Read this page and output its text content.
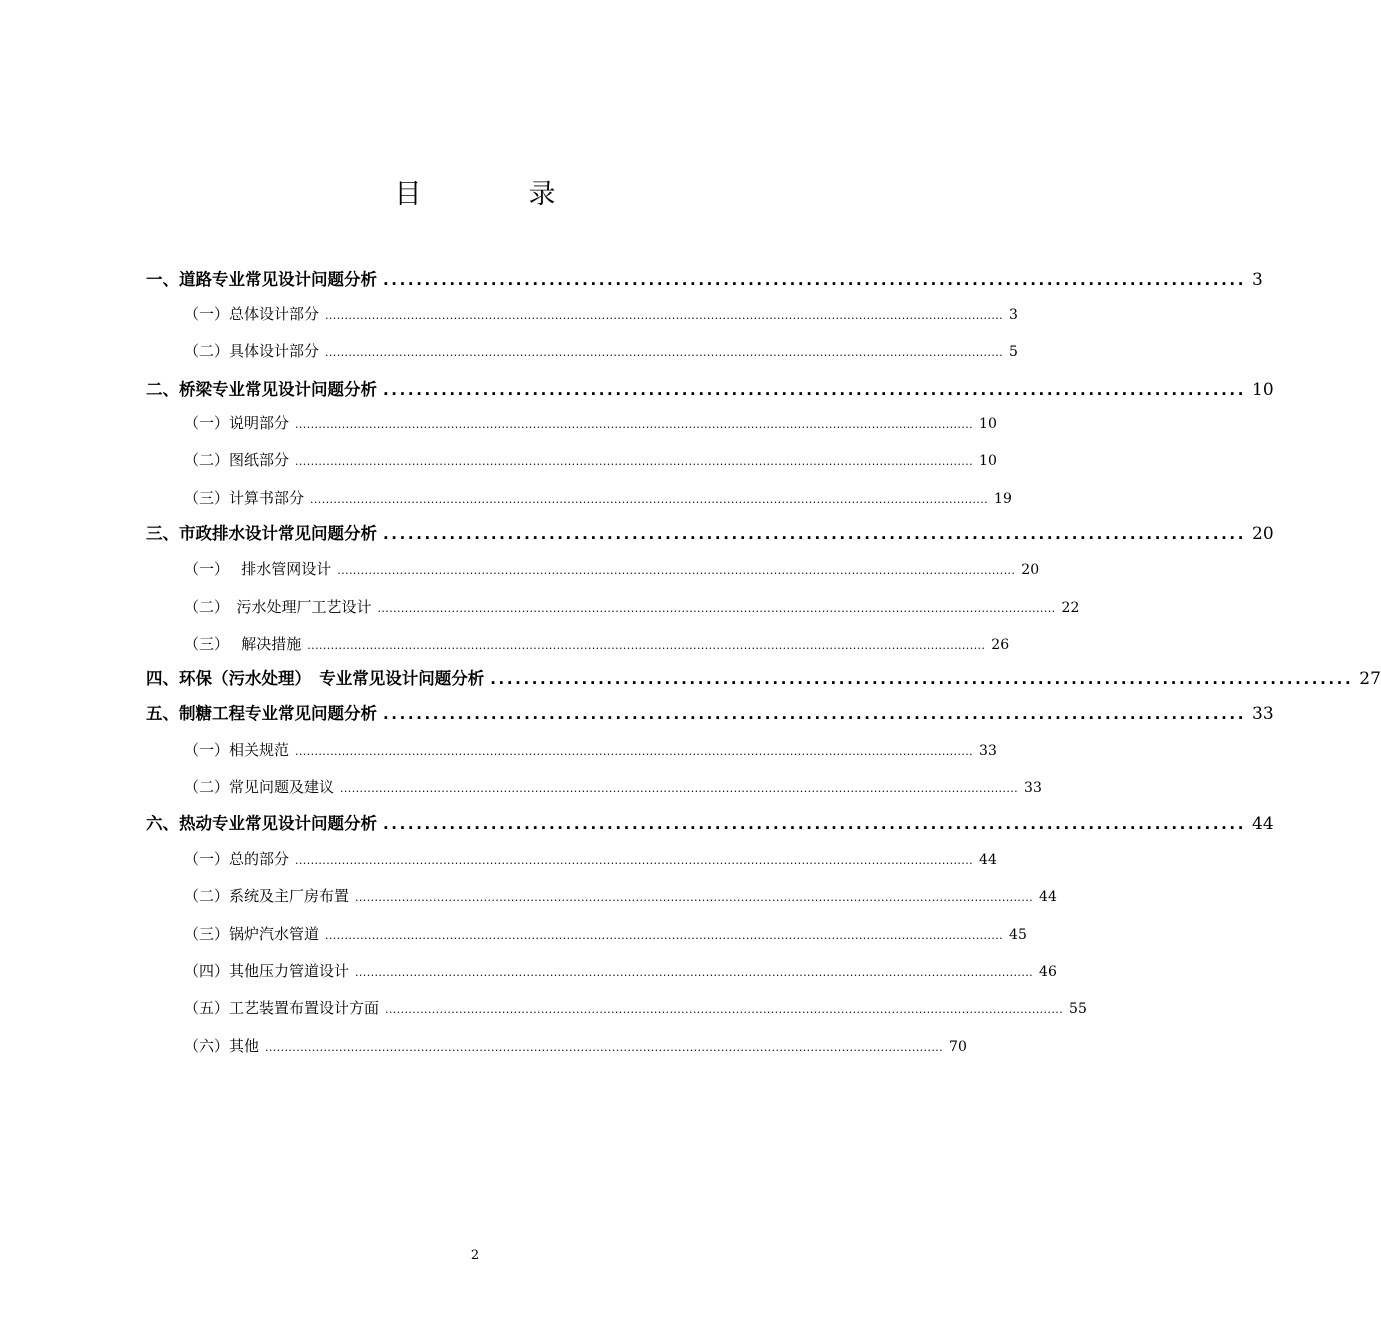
目　录
一、道路专业常见设计问题分析 ........................................................................................................ 3
（一）总体设计部分 .............................................................................................................................................................................. 3
（二）具体设计部分 .............................................................................................................................................................................. 5
二、桥梁专业常见设计问题分析 ........................................................................................................ 10
（一）说明部分 .............................................................................................................................................................................. 10
（二）图纸部分 .............................................................................................................................................................................. 10
（三）计算书部分 .............................................................................................................................................................................. 19
三、市政排水设计常见问题分析 ........................................................................................................ 20
（一）　 排水管网设计 .............................................................................................................................................................................. 20
（二）　污水处理厂工艺设计 .............................................................................................................................................................................. 22
（三）　 解决措施 .............................................................................................................................................................................. 26
四、环保（污水处理）　专业常见设计问题分析 ........................................................................................................ 27
五、制糖工程专业常见问题分析 ........................................................................................................ 33
（一）相关规范 .............................................................................................................................................................................. 33
（二）常见问题及建议 .............................................................................................................................................................................. 33
六、热动专业常见设计问题分析 ........................................................................................................ 44
（一）总的部分 .............................................................................................................................................................................. 44
（二）系统及主厂房布置 .............................................................................................................................................................................. 44
（三）锅炉汽水管道 .............................................................................................................................................................................. 45
（四）其他压力管道设计 .............................................................................................................................................................................. 46
（五）工艺装置布置设计方面 .............................................................................................................................................................................. 55
（六）其他 .............................................................................................................................................................................. 70
2
